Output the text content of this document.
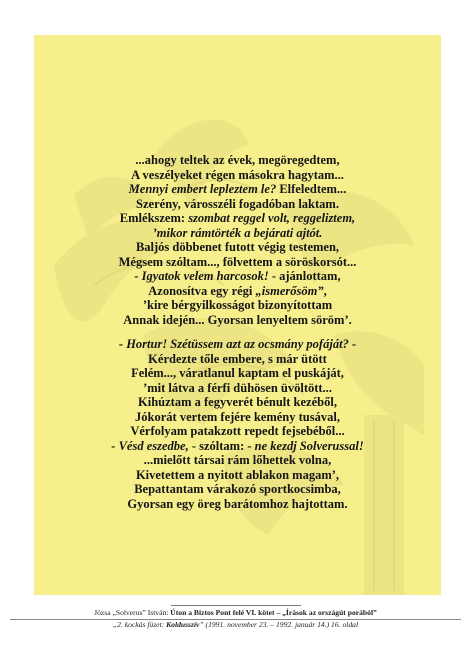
...ahogy teltek az évek, megöregedtem,
A veszélyeket régen másokra hagytam...
Mennyi embert lepleztem le? Elfeledtem...
Szerény, városszéli fogadóban laktam.
Emlékszem: szombat reggel volt, reggeliztem,
’mikor rámtörték a bejárati ajtót.
Baljós döbbenet futott végig testemen,
Mégsem szóltam..., fölvettem a söröskorsót...
- Igyatok velem harcosok! - ajánlottam,
Azonosítva egy régi „ismerősöm”,
’kire bérgyilkosságot bizonyítottam
Annak idején... Gyorsan lenyeltem söröm’.
- Hortur! Szétüssem azt az ocsmány pofáját? -
Kérdezte tőle embere, s már ütött
Felém..., váratlanul kaptam el puskáját,
’mit látva a férfi dühösen üvöltött...
Kihúztam a fegyverét bénult kezéből,
Jókorát vertem fejére kemény tusával,
Vérfolyam patakzott repedt fejsebéből...
- Vésd eszedbe, - szóltam: - ne kezdj Solverussal!
...mielőtt társai rám lőhettek volna,
Kivetettem a nyitott ablakon magam’,
Bepattantam várakozó sportkocsimba,
Gyorsan egy öreg barátomhoz hajtottam.
Józsa „Solverus” István: Úton a Biztos Pont felé VI. kötet – „Írások az országút porából”
„2. kockás füzet: Koldusszív” (1991. november 23. – 1992. január 14.) 16. oldal
